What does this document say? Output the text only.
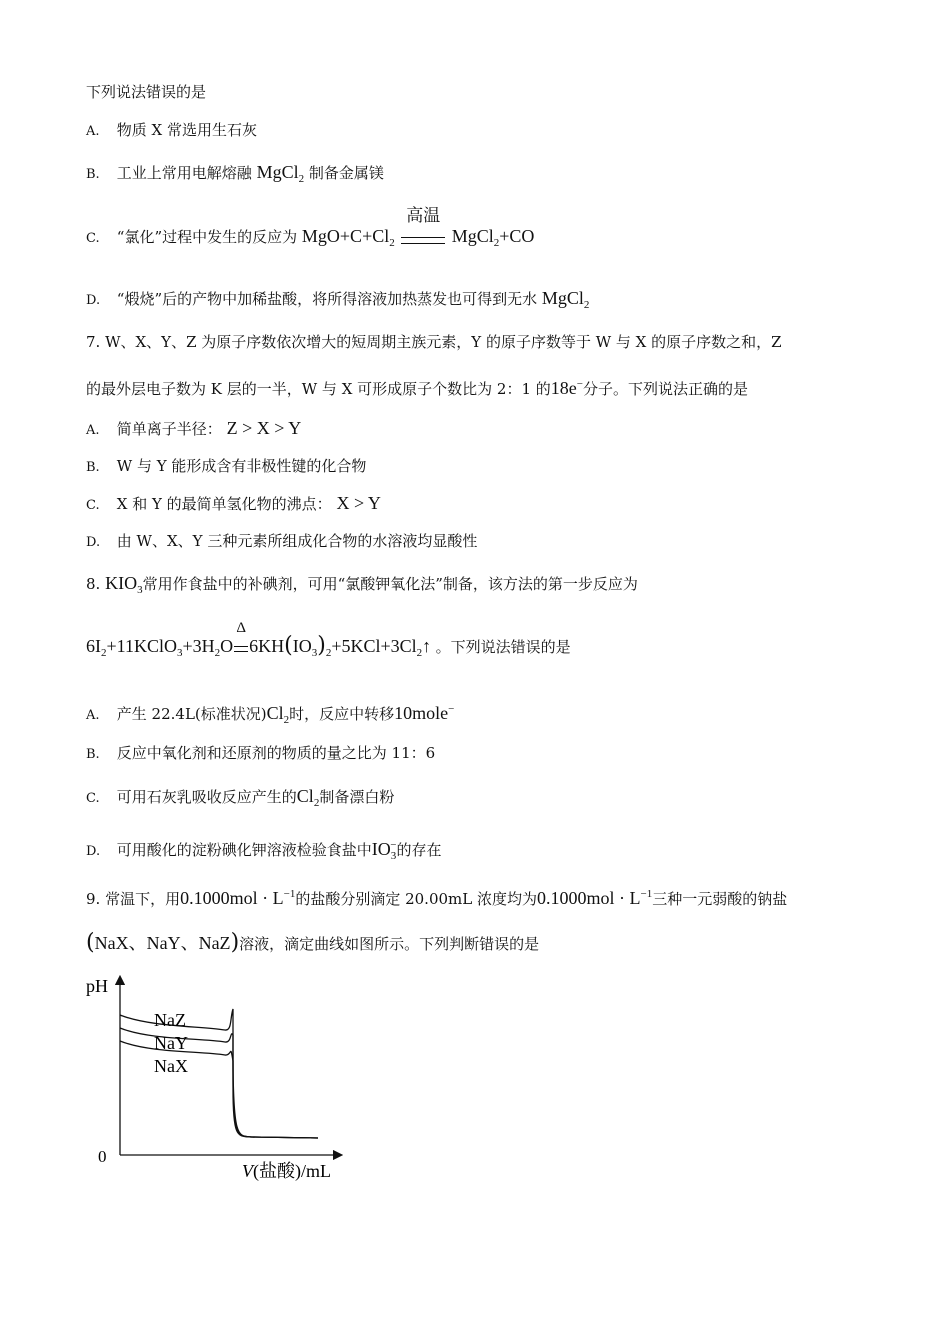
下列说法错误的是
A. 物质 X 常选用生石灰
B. 工业上常用电解熔融 MgCl$_2$ 制备金属镁
C. “氯化”过程中发生的反应为 $MgO+C+Cl_2$
高温
MgCl$_2$+CO
D. “煅烧”后的产物中加稀盐酸，将所得溶液加热蒸发也可得到无水 MgCl$_2$
7. W、X、Y、Z 为原子序数依次增大的短周期主族元素，Y 的原子序数等于 W 与 X 的原子序数之和，Z
的最外层电子数为 K 层的一半，W 与 X 可形成原子个数比为 2：1 的18e−分子。下列说法正确的是
A. 简单离子半径： Z > X > Y
B. W 与 Y 能形成含有非极性键的化合物
C. X 和 Y 的最简单氢化物的沸点： X > Y
D. 由 W、X、Y 三种元素所组成化合物的水溶液均显酸性
8. $KIO_3$常用作食盐中的补碘剂，可用“氯酸钾氧化法”制备，该方法的第一步反应为
$6I_2+11KClO_3+3H_2O$
Δ
$6KH(IO_3)_2+5KCl+3Cl_2↑$ 。下列说法错误的是
A. 产生 22.4L(标准状况)$Cl_2$时，反应中转移10mole−
B. 反应中氧化剂和还原剂的物质的量之比为 11：6
C. 可用石灰乳吸收反应产生的$Cl_2$制备漂白粉
D. 可用酸化的淀粉碘化钾溶液检验食盐中$IO_3^-$的存在
9. 常温下，用$0.1000mol \cdot L^{-1}$的盐酸分别滴定 20.00mL 浓度均为$0.1000mol \cdot L^{-1}$三种一元弱酸的钠盐
(NaX、NaY、NaZ)溶液，滴定曲线如图所示。下列判断错误的是
pH
0
V(盐酸)/mL
NaZ
NaY
NaX
